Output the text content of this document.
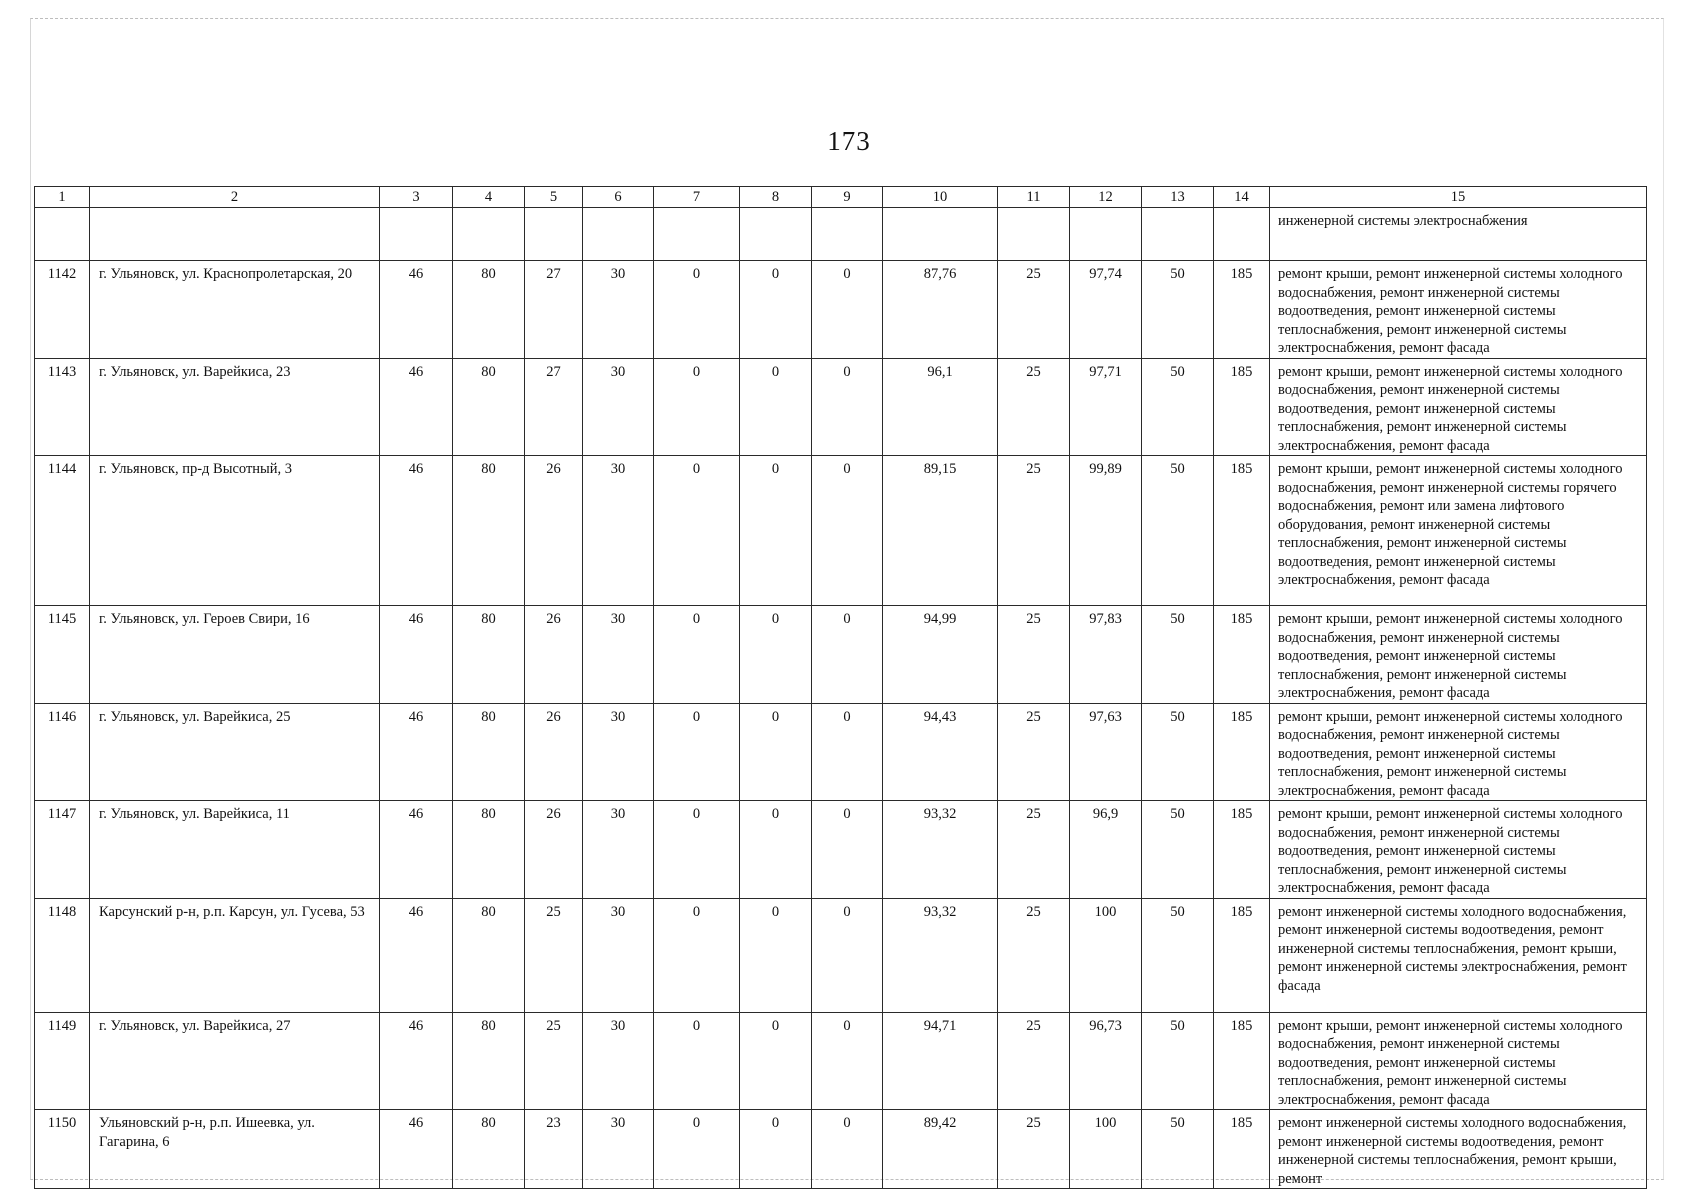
173
1	2	3	4	5	6	7	8	9	10	11	12	13	14	15
														инженерной системы электроснабжения
1142	г. Ульяновск, ул. Краснопролетарская, 20	46	80	27	30	0	0	0	87,76	25	97,74	50	185	ремонт крыши, ремонт инженерной системы холодного водоснабжения, ремонт инженерной системы водоотведения, ремонт инженерной системы теплоснабжения, ремонт инженерной системы электроснабжения, ремонт фасада
1143	г. Ульяновск, ул. Варейкиса, 23	46	80	27	30	0	0	0	96,1	25	97,71	50	185	ремонт крыши, ремонт инженерной системы холодного водоснабжения, ремонт инженерной системы водоотведения, ремонт инженерной системы теплоснабжения, ремонт инженерной системы электроснабжения, ремонт фасада
1144	г. Ульяновск, пр-д Высотный, 3	46	80	26	30	0	0	0	89,15	25	99,89	50	185	ремонт крыши, ремонт инженерной системы холодного водоснабжения, ремонт инженерной системы горячего водоснабжения, ремонт или замена лифтового оборудования, ремонт инженерной системы теплоснабжения, ремонт инженерной системы водоотведения, ремонт инженерной системы электроснабжения, ремонт фасада
1145	г. Ульяновск, ул. Героев Свири, 16	46	80	26	30	0	0	0	94,99	25	97,83	50	185	ремонт крыши, ремонт инженерной системы холодного водоснабжения, ремонт инженерной системы водоотведения, ремонт инженерной системы теплоснабжения, ремонт инженерной системы электроснабжения, ремонт фасада
1146	г. Ульяновск, ул. Варейкиса, 25	46	80	26	30	0	0	0	94,43	25	97,63	50	185	ремонт крыши, ремонт инженерной системы холодного водоснабжения, ремонт инженерной системы водоотведения, ремонт инженерной системы теплоснабжения, ремонт инженерной системы электроснабжения, ремонт фасада
1147	г. Ульяновск, ул. Варейкиса, 11	46	80	26	30	0	0	0	93,32	25	96,9	50	185	ремонт крыши, ремонт инженерной системы холодного водоснабжения, ремонт инженерной системы водоотведения, ремонт инженерной системы теплоснабжения, ремонт инженерной системы электроснабжения, ремонт фасада
1148	Карсунский р-н, р.п. Карсун, ул. Гусева, 53	46	80	25	30	0	0	0	93,32	25	100	50	185	ремонт инженерной системы холодного водоснабжения, ремонт инженерной системы водоотведения, ремонт инженерной системы теплоснабжения, ремонт крыши, ремонт инженерной системы электроснабжения, ремонт фасада
1149	г. Ульяновск, ул. Варейкиса, 27	46	80	25	30	0	0	0	94,71	25	96,73	50	185	ремонт крыши, ремонт инженерной системы холодного водоснабжения, ремонт инженерной системы водоотведения, ремонт инженерной системы теплоснабжения, ремонт инженерной системы электроснабжения, ремонт фасада
1150	Ульяновский р-н, р.п. Ишеевка, ул. Гагарина, 6	46	80	23	30	0	0	0	89,42	25	100	50	185	ремонт инженерной системы холодного водоснабжения, ремонт инженерной системы водоотведения, ремонт инженерной системы теплоснабжения, ремонт крыши, ремонт
